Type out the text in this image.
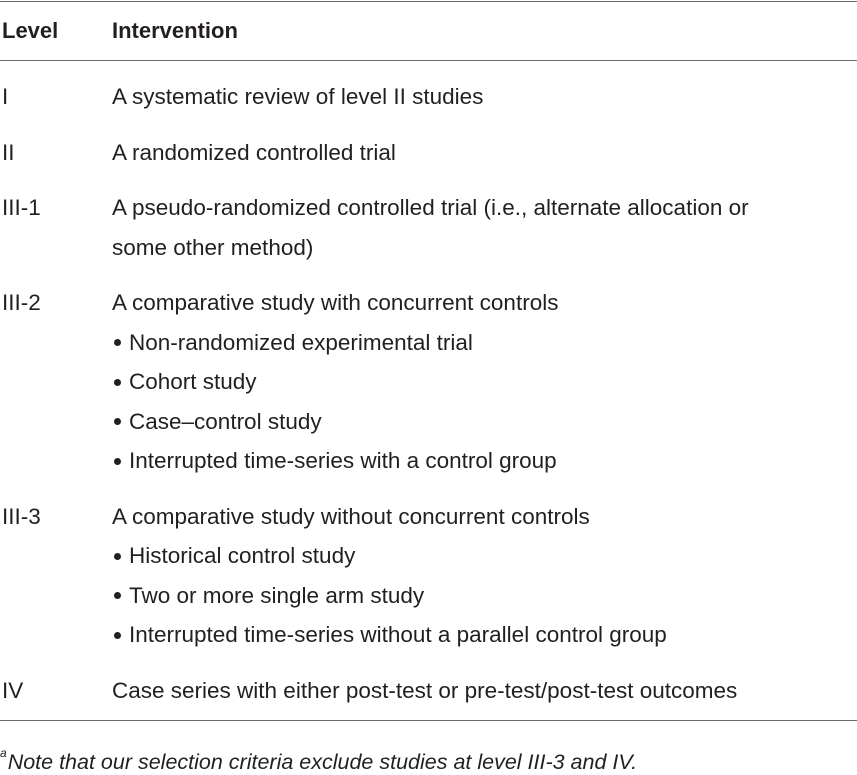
Level	Intervention
I	A systematic review of level II studies
II	A randomized controlled trial
III-1	A pseudo-randomized controlled trial (i.e., alternate allocation or
some other method)
III-2	A comparative study with concurrent controls
Non-randomized experimental trial
Cohort study
Case–control study
Interrupted time-series with a control group
III-3	A comparative study without concurrent controls
Historical control study
Two or more single arm study
Interrupted time-series without a parallel control group
IV	Case series with either post-test or pre-test/post-test outcomes
$^a$Note that our selection criteria exclude studies at level III-3 and IV.
